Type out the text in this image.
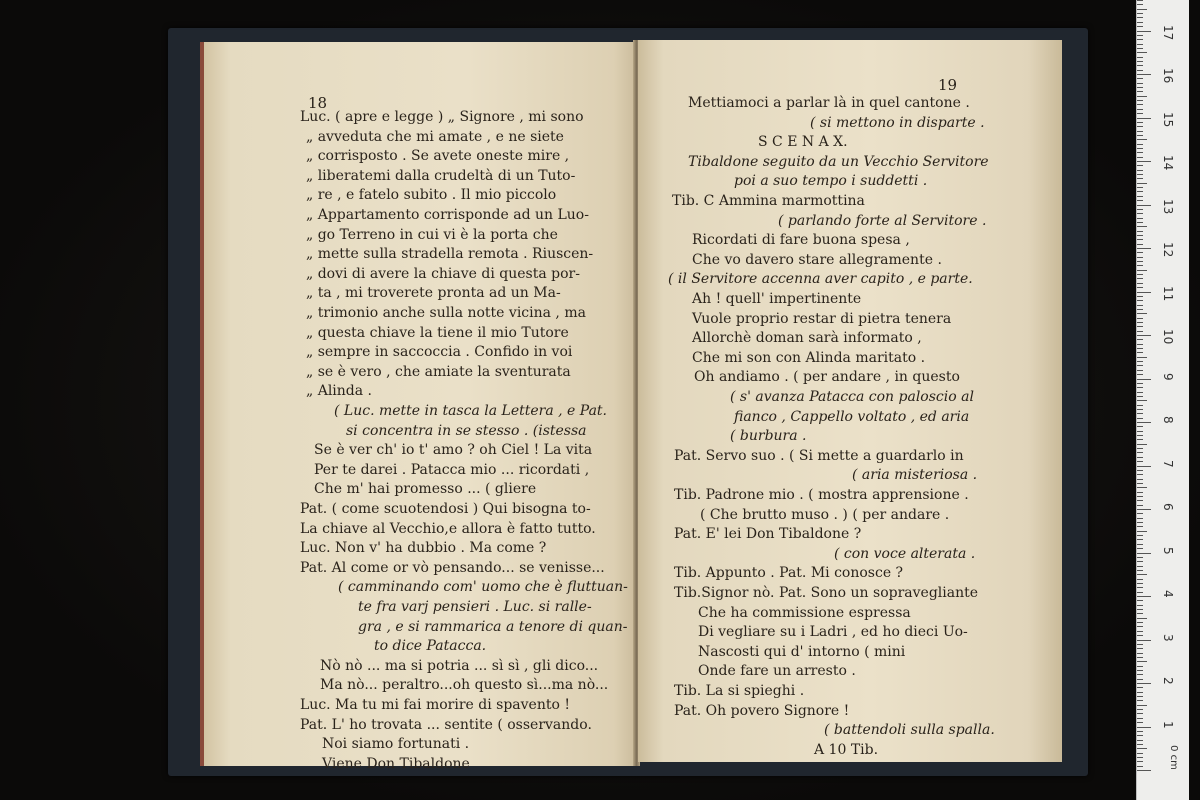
18
Luc. ( apre e legge ) „ Signore , mi sono
„ avveduta che mi amate , e ne siete
„ corrisposto . Se avete oneste mire ,
„ liberatemi dalla crudeltà di un Tuto-
„ re , e fatelo subito . Il mio piccolo
„ Appartamento corrisponde ad un Luo-
„ go Terreno in cui vi è la porta che
„ mette sulla stradella remota . Riuscen-
„ dovi di avere la chiave di questa por-
„ ta , mi troverete pronta ad un Ma-
„ trimonio anche sulla notte vicina , ma
„ questa chiave la tiene il mio Tutore
„ sempre in saccoccia . Confido in voi
„ se è vero , che amiate la sventurata
„ Alinda .
( Luc. mette in tasca la Lettera , e Pat.
si concentra in se stesso . (istessa
Se è ver ch' io t' amo ? oh Ciel ! La vita
Per te darei . Patacca mio ... ricordati ,
Che m' hai promesso ... ( gliere
Pat. ( come scuotendosi ) Qui bisogna to-
La chiave al Vecchio,e allora è fatto tutto.
Luc. Non v' ha dubbio . Ma come ?
Pat. Al come or vò pensando... se venisse...
( camminando com' uomo che è fluttuan-
te fra varj pensieri . Luc. si ralle-
gra , e si rammarica a tenore di quan-
to dice Patacca.
Nò nò ... ma si potria ... sì sì , gli dico...
Ma nò... peraltro...oh questo sì...ma nò...
Luc. Ma tu mi fai morire di spavento !
Pat. L' ho trovata ... sentite ( osservando.
Noi siamo fortunati .
Viene Don Tibaldone
19
Mettiamoci a parlar là in quel cantone .
( si mettono in disparte .
S C E N A X.
Tibaldone seguito da un Vecchio Servitore
poi a suo tempo i suddetti .
Tib. C Ammina marmottina
( parlando forte al Servitore .
Ricordati di fare buona spesa ,
Che vo davero stare allegramente .
( il Servitore accenna aver capito , e parte.
Ah ! quell' impertinente
Vuole proprio restar di pietra tenera
Allorchè doman sarà informato ,
Che mi son con Alinda maritato .
Oh andiamo . ( per andare , in questo
( s' avanza Patacca con paloscio al
fianco , Cappello voltato , ed aria
( burbura .
Pat. Servo suo . ( Si mette a guardarlo in
( aria misteriosa .
Tib. Padrone mio . ( mostra apprensione .
( Che brutto muso . ) ( per andare .
Pat. E' lei Don Tibaldone ?
( con voce alterata .
Tib. Appunto . Pat. Mi conosce ?
Tib.Signor nò. Pat. Sono un sopravegliante
Che ha commissione espressa
Di vegliare su i Ladri , ed ho dieci Uo-
Nascosti qui d' intorno ( mini
Onde fare un arresto .
Tib. La si spieghi .
Pat. Oh povero Signore !
( battendoli sulla spalla.
A 10 Tib.
17
16
15
14
13
12
11
10
9
8
7
6
5
4
3
2
1
0 cm
